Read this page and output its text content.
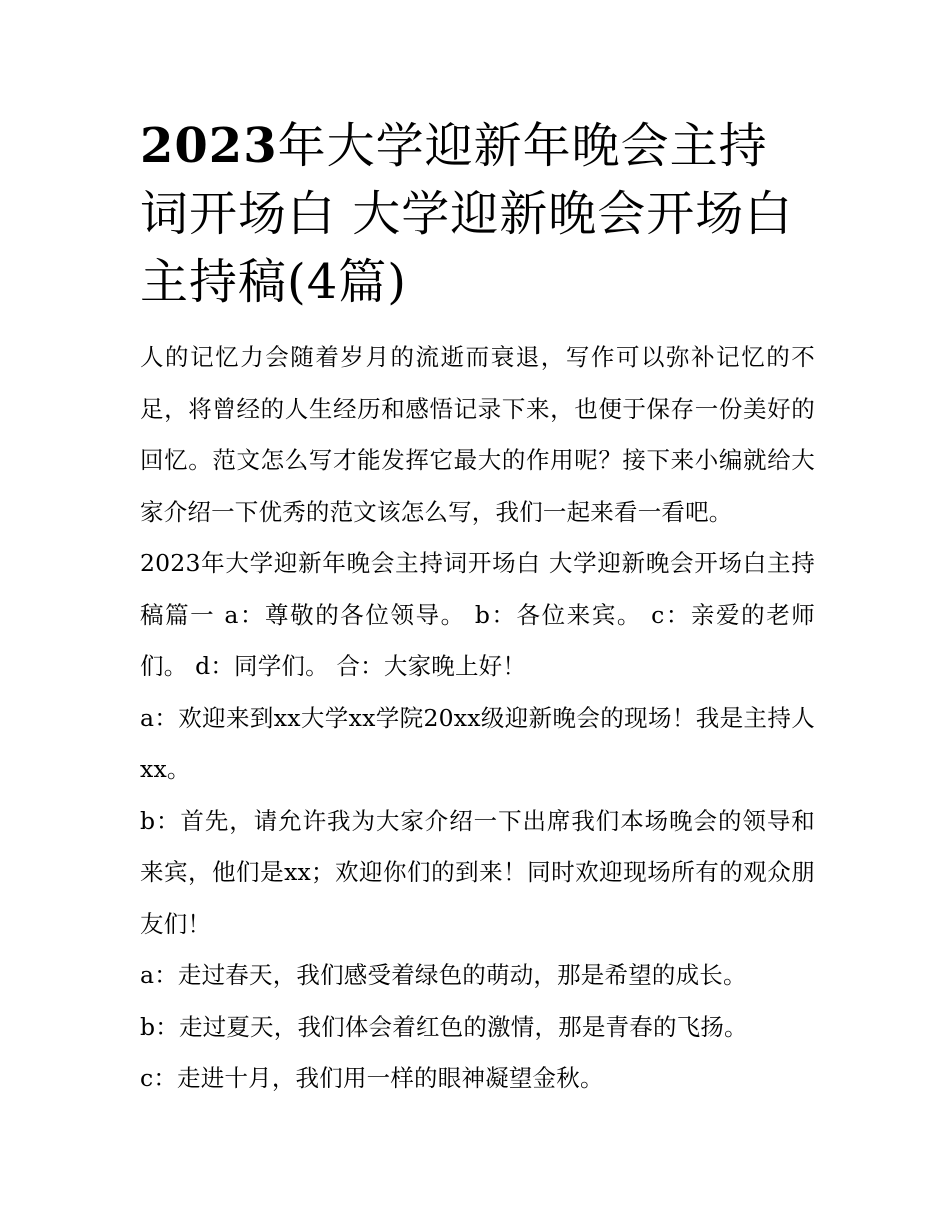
2023年大学迎新年晚会主持词开场白 大学迎新晚会开场白主持稿(4篇)

人的记忆力会随着岁月的流逝而衰退，写作可以弥补记忆的不足，将曾经的人生经历和感悟记录下来，也便于保存一份美好的回忆。范文怎么写才能发挥它最大的作用呢？接下来小编就给大家介绍一下优秀的范文该怎么写，我们一起来看一看吧。

2023年大学迎新年晚会主持词开场白 大学迎新晚会开场白主持稿篇一 a：尊敬的各位领导。 b：各位来宾。 c：亲爱的老师们。 d：同学们。 合：大家晚上好！

a：欢迎来到xx大学xx学院20xx级迎新晚会的现场！我是主持人xx。

b：首先，请允许我为大家介绍一下出席我们本场晚会的领导和来宾，他们是xx；欢迎你们的到来！同时欢迎现场所有的观众朋友们！

a：走过春天，我们感受着绿色的萌动，那是希望的成长。

b：走过夏天，我们体会着红色的激情，那是青春的飞扬。

c：走进十月，我们用一样的眼神凝望金秋。
